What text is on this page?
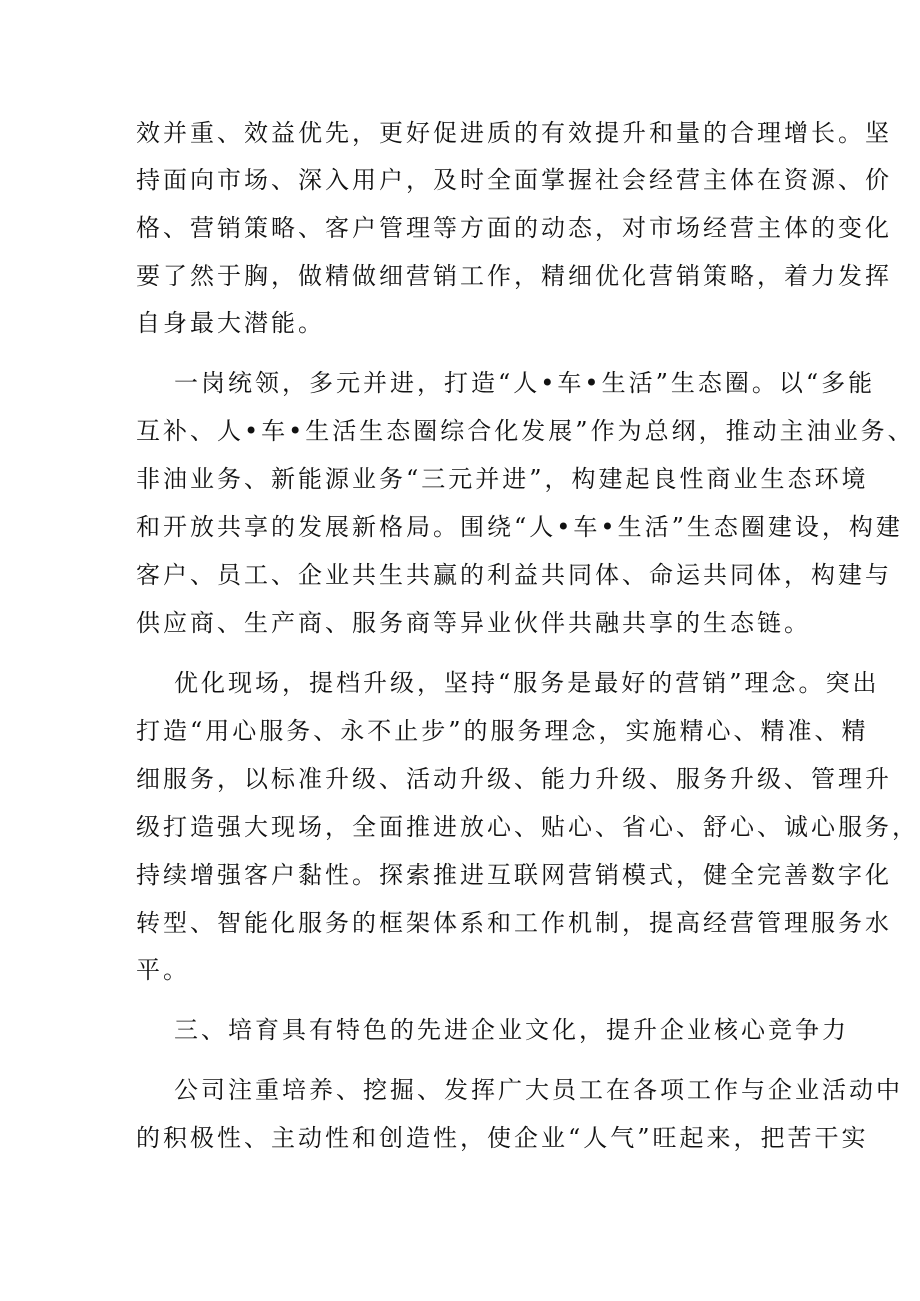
效并重、效益优先，更好促进质的有效提升和量的合理增长。坚
持面向市场、深入用户，及时全面掌握社会经营主体在资源、价
格、营销策略、客户管理等方面的动态，对市场经营主体的变化
要了然于胸，做精做细营销工作，精细优化营销策略，着力发挥
自身最大潜能。
一岗统领，多元并进，打造“人•车•生活”生态圈。以“多能
互补、人•车•生活生态圈综合化发展”作为总纲，推动主油业务、
非油业务、新能源业务“三元并进”，构建起良性商业生态环境
和开放共享的发展新格局。围绕“人•车•生活”生态圈建设，构建
客户、员工、企业共生共赢的利益共同体、命运共同体，构建与
供应商、生产商、服务商等异业伙伴共融共享的生态链。
优化现场，提档升级，坚持“服务是最好的营销”理念。突出
打造“用心服务、永不止步”的服务理念，实施精心、精准、精
细服务，以标准升级、活动升级、能力升级、服务升级、管理升
级打造强大现场，全面推进放心、贴心、省心、舒心、诚心服务，
持续增强客户黏性。探索推进互联网营销模式，健全完善数字化
转型、智能化服务的框架体系和工作机制，提高经营管理服务水
平。
三、培育具有特色的先进企业文化，提升企业核心竞争力
公司注重培养、挖掘、发挥广大员工在各项工作与企业活动中
的积极性、主动性和创造性，使企业“人气”旺起来，把苦干实
